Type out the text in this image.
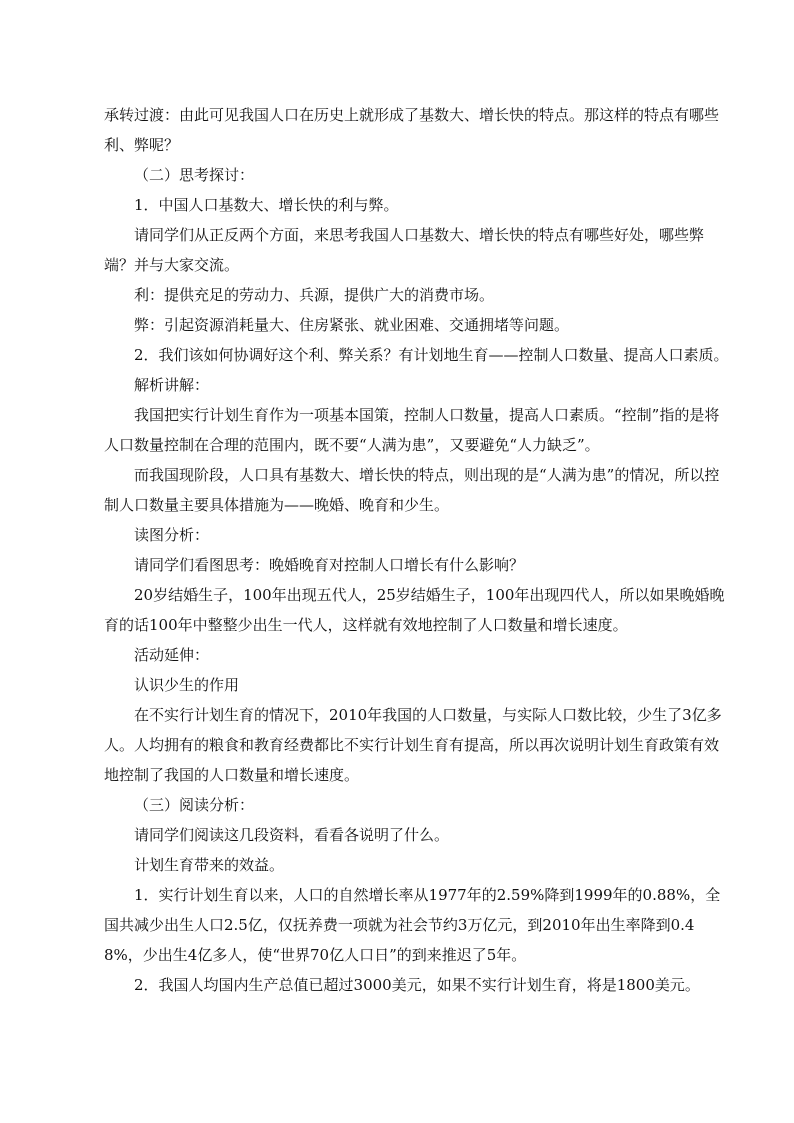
承转过渡：由此可见我国人口在历史上就形成了基数大、增长快的特点。那这样的特点有哪些利、弊呢？

（二）思考探讨：

1．中国人口基数大、增长快的利与弊。

请同学们从正反两个方面，来思考我国人口基数大、增长快的特点有哪些好处，哪些弊端？并与大家交流。

利：提供充足的劳动力、兵源，提供广大的消费市场。

弊：引起资源消耗量大、住房紧张、就业困难、交通拥堵等问题。

2．我们该如何协调好这个利、弊关系？有计划地生育——控制人口数量、提高人口素质。

解析讲解：

我国把实行计划生育作为一项基本国策，控制人口数量，提高人口素质。“控制”指的是将人口数量控制在合理的范围内，既不要“人满为患”，又要避免“人力缺乏”。

而我国现阶段，人口具有基数大、增长快的特点，则出现的是“人满为患”的情况，所以控制人口数量主要具体措施为——晚婚、晚育和少生。

读图分析：

请同学们看图思考：晚婚晚育对控制人口增长有什么影响？

20岁结婚生子，100年出现五代人，25岁结婚生子，100年出现四代人，所以如果晚婚晚育的话100年中整整少出生一代人，这样就有效地控制了人口数量和增长速度。

活动延伸：

认识少生的作用

在不实行计划生育的情况下，2010年我国的人口数量，与实际人口数比较，少生了3亿多人。人均拥有的粮食和教育经费都比不实行计划生育有提高，所以再次说明计划生育政策有效地控制了我国的人口数量和增长速度。

（三）阅读分析：

请同学们阅读这几段资料，看看各说明了什么。

计划生育带来的效益。

1．实行计划生育以来，人口的自然增长率从1977年的2.59%降到1999年的0.88%，全国共减少出生人口2.5亿，仅抚养费一项就为社会节约3万亿元，到2010年出生率降到0.48%，少出生4亿多人，使“世界70亿人口日”的到来推迟了5年。

2．我国人均国内生产总值已超过3000美元，如果不实行计划生育，将是1800美元。
